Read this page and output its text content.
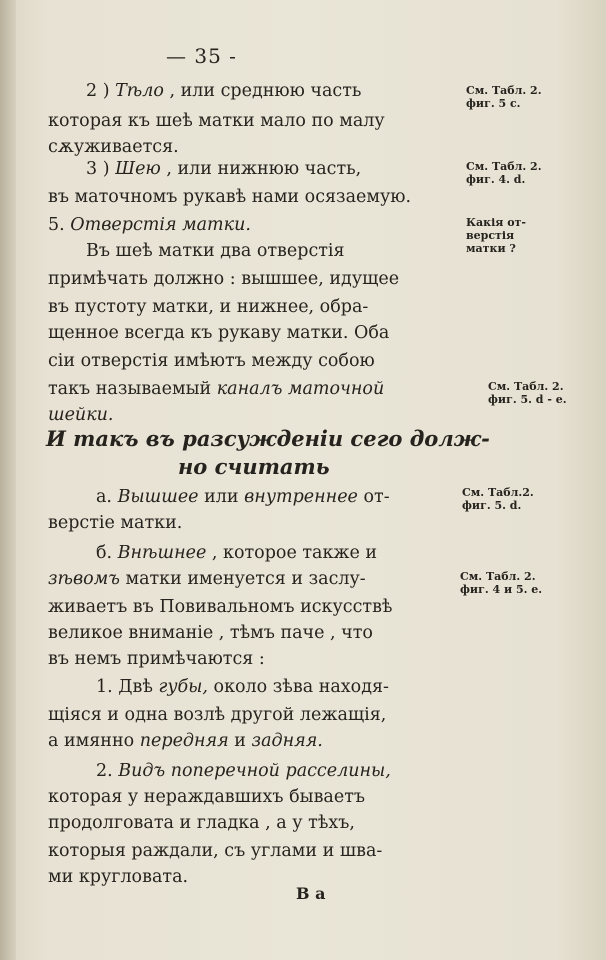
— 35 -
2 ) Тѣло , или среднюю часть
которая къ шеѣ матки мало по малу
сѫуживается.
3 ) Шею , или нижнюю часть,
въ маточномъ рукавѣ нами осязаемую.
5. Отверстія матки.
Въ шеѣ матки два отверстія
примѣчать должно : вышшее, идущее
въ пустоту матки, и нижнее, обра-
щенное всегда къ рукаву матки. Оба
сіи отверстія имѣютъ между собою
такъ называемый каналъ маточной
шейки.
И такъ въ разсужденіи сего долж-
но считать
а. Вышшее или внутреннее от-
верстіе матки.
б. Внѣшнее , которое также и
зѣвомъ матки именуется и заслу-
живаетъ въ Повивальномъ искусствѣ
великое вниманіе , тѣмъ паче , что
въ немъ примѣчаются :
1. Двѣ губы, около зѣва находя-
щіяся и одна возлѣ другой лежащія,
а имянно передняя и задняя.
2. Видъ поперечной расселины,
которая у нераждавшихъ бываетъ
продолговата и гладка , а у тѣхъ,
которыя раждали, съ углами и шва-
ми кругловата.
См. Табл. 2.
фиг. 5 с.
См. Табл. 2.
фиг. 4. d.
Какія от-
верстія
матки ?
См. Табл. 2.
фиг. 5. d - e.
См. Табл.2.
фиг. 5. d.
См. Табл. 2.
фиг. 4 и 5. e.
В а
